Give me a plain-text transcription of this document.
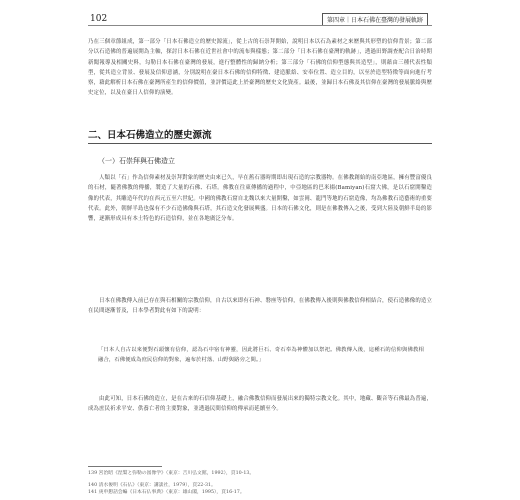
102	第四章｜日本石佛在臺灣的發展軌跡

乃在三個章節組成，第一部分「日本石佛造立的歷史源流」，從上古的石崇拜開始，說明日本以石為素材之來歷與其形塑的信仰背景；第二部分以石造佛的普遍展開為主軸，探討日本石佛在近世社會中的流布與樣態；第二部分「日本石佛在臺灣的軌跡」，透過田野調查配合日治時期新聞報導及相關史料，勾勒日本石佛在臺灣的發展，進行整體性的歸納分析；第三部分「石佛的信仰型態與其造型」，則藉由三種代表性類型，從其造立背景、發展及信仰意涵，分別說明在臺日本石佛的信仰特徵、建造脈絡、安奉位置、造立目的，以至於造型特徵等面向進行考察，藉此解析日本石佛在臺灣所產生的信仰價值，並評價這此上於臺灣的歷史文化資產。最後，並歸日本石佛及其信仰在臺灣的發展脈絡與歷史定位，以及在臺日人信仰的演變。

二、日本石佛造立的歷史源流
（一）石崇拜與石佛造立

人類以「石」作為信仰素材及崇拜對象的歷史由來已久，早在舊石器時期即出現石造的宗教器物。在佛教創始的南亞地區，擁有豐富優良的石材，隨著佛教的傳播，製造了大量的石佛、石塔。佛教在往東傳播的過程中，中亞地區的巴米揚(Bamiyan)石窟大佛，是以石窟開鑿造像的代表，其雕造年代約在西元五至六世紀。中國的佛教石窟自北魏以來大量開鑿，如雲岡、龍門等地的石窟造像，均為佛教石造藝術的重要代表。此外，朝鮮半島也保有不少石造佛像與石塔，其石造文化發展興盛。日本的石佛文化，則是在佛教傳入之後，受到大陸及朝鮮半島的影響，逐漸形成具有本土特色的石造信仰，並在各地廣泛分布。

日本在佛教傳入前已存在與石相關的宗教信仰，自古以來即有石神、磐座等信仰，在佛教傳入後則與佛教信仰相結合，使石造佛像的造立在民間逐漸普及，日本學者對此有如下的說明：

「日本人自古以來便對石頭懷有信仰，認為石中宿有神靈，因此將巨石、奇石奉為神體加以祭祀。佛教傳入後，這種石的信仰與佛教相融合，石佛便成為庶民信仰的對象，遍布於村落、山野與路旁之間。」

由此可知，日本石佛的造立，是在古來的石信仰基礎上，融合佛教信仰而發展出來的獨特宗教文化。其中，地藏、觀音等石佛最為普遍，成為庶民祈求平安、供養亡者的主要對象，並透過民間信仰的傳承而延續至今。

139 宮治昭《涅槃と弥勒の図像学》（東京：吉川弘文館，1992），頁10-13。
140 清水俊明《石仏》（東京：講談社，1979），頁22-31。
141 庚申懇話会編《日本石仏事典》（東京：雄山閣，1995），頁16-17。
